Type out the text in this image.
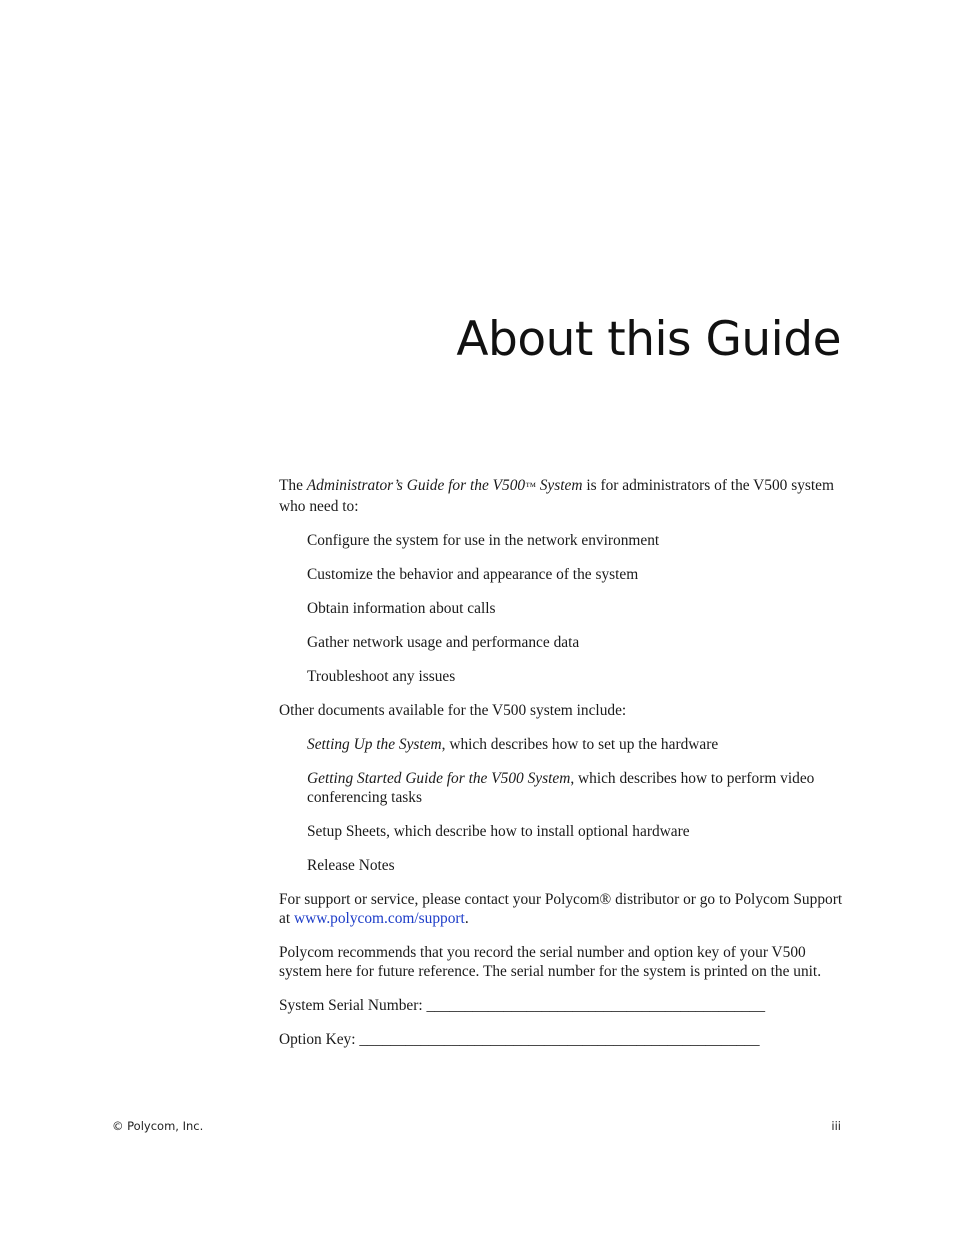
About this Guide

The Administrator’s Guide for the V500™ System is for administrators of the V500 system who need to:

Configure the system for use in the network environment

Customize the behavior and appearance of the system

Obtain information about calls

Gather network usage and performance data

Troubleshoot any issues

Other documents available for the V500 system include:

Setting Up the System, which describes how to set up the hardware

Getting Started Guide for the V500 System, which describes how to perform video conferencing tasks

Setup Sheets, which describe how to install optional hardware

Release Notes

For support or service, please contact your Polycom® distributor or go to Polycom Support at www.polycom.com/support.

Polycom recommends that you record the serial number and option key of your V500 system here for future reference. The serial number for the system is printed on the unit.

System Serial Number: ____________________________________________

Option Key: ____________________________________________________

© Polycom, Inc.	iii
